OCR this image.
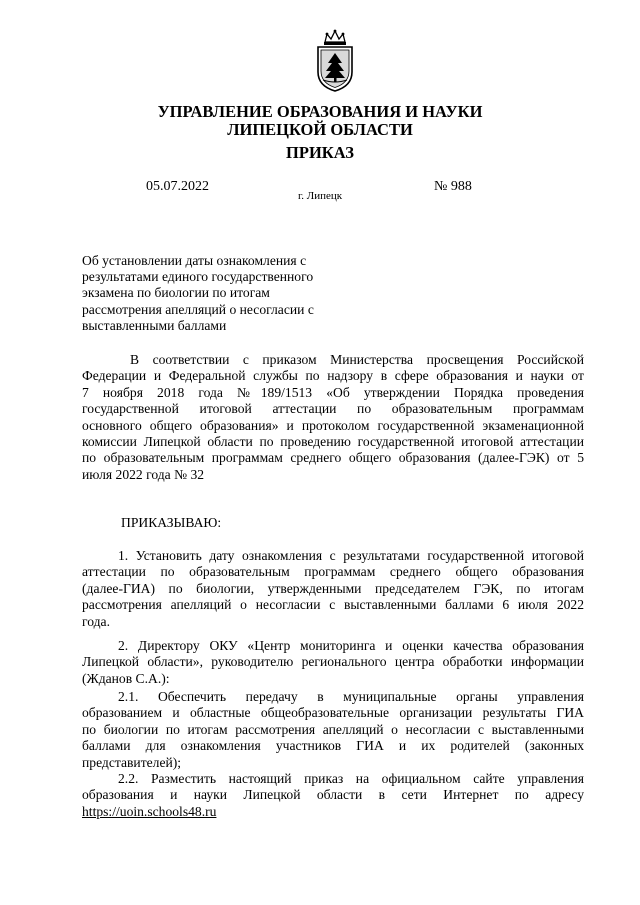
УПРАВЛЕНИЕ ОБРАЗОВАНИЯ И НАУКИ
ЛИПЕЦКОЙ ОБЛАСТИ
ПРИКАЗ
05.07.2022
г. Липецк
№ 988
Об установлении даты ознакомления с
результатами единого государственного
экзамена по биологии по итогам
рассмотрения апелляций о несогласии с
выставленными баллами
В соответствии с приказом Министерства просвещения Российской
Федерации и Федеральной службы по надзору в сфере образования и науки от
7 ноября 2018 года №189/1513 «Об утверждении Порядка проведения
государственной итоговой аттестации по образовательным программам
основного общего образования» и протоколом государственной экзаменационной
комиссии Липецкой области по проведению государственной итоговой аттестации
по образовательным программам среднего общего образования (далее-ГЭК) от 5
июля 2022 года № 32
ПРИКАЗЫВАЮ:
1. Установить дату ознакомления с результатами государственной итоговой
аттестации по образовательным программам среднего общего образования
(далее-ГИА) по биологии, утвержденными председателем ГЭК, по итогам
рассмотрения апелляций о несогласии с выставленными баллами 6 июля 2022
года.
2. Директору ОКУ «Центр мониторинга и оценки качества образования
Липецкой области», руководителю регионального центра обработки информации
(Жданов С.А.):
2.1. Обеспечить передачу в муниципальные органы управления
образованием и областные общеобразовательные организации результаты ГИА
по биологии по итогам рассмотрения апелляций о несогласии с выставленными
баллами для ознакомления участников ГИА и их родителей (законных
представителей);
2.2. Разместить настоящий приказ на официальном сайте управления
образования и науки Липецкой области в сети Интернет по адресу
https://uoin.schools48.ru
